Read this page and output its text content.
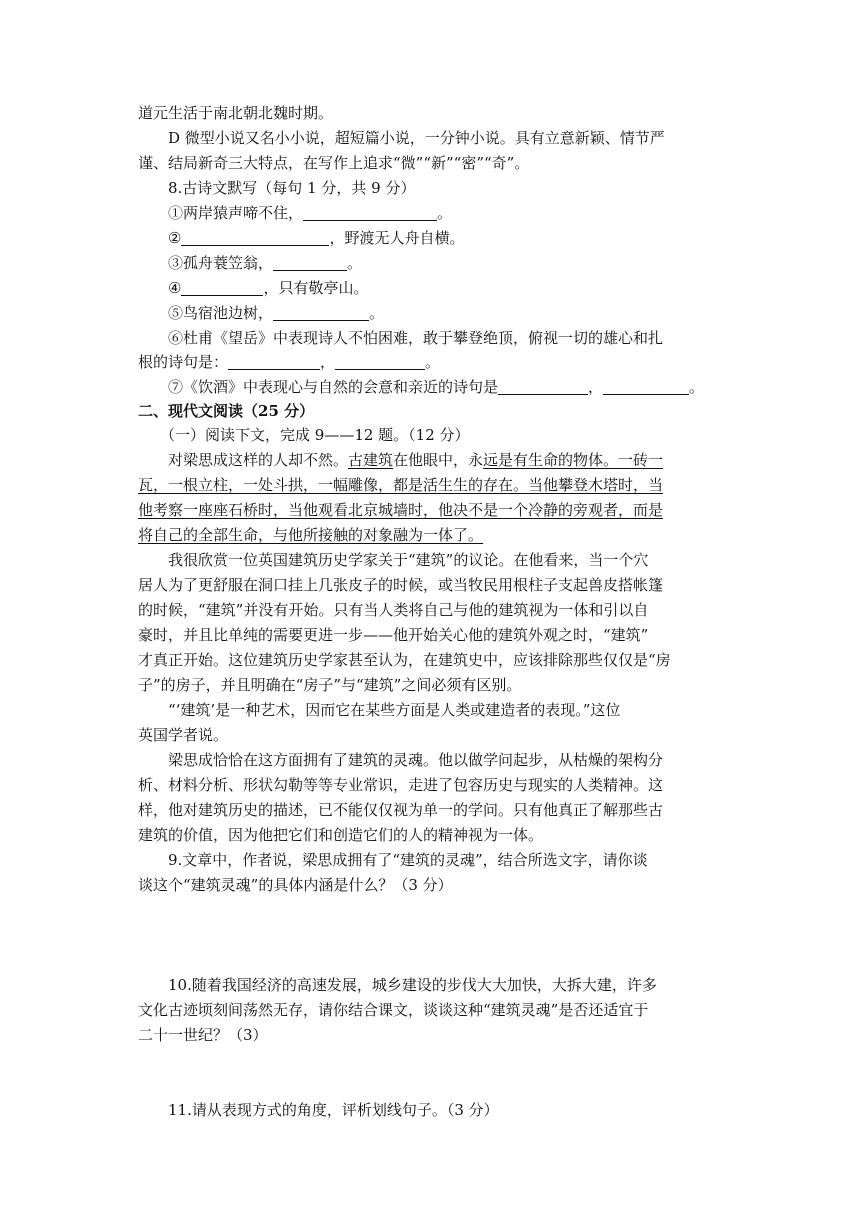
道元生活于南北朝北魏时期。
D 微型小说又名小小说，超短篇小说，一分钟小说。具有立意新颖、情节严
谨、结局新奇三大特点，在写作上追求“微”“新”“密”“奇”。
8.古诗文默写（每句 1 分，共 9 分）
①两岸猿声啼不住，	。
②	，野渡无人舟自横。
③孤舟蓑笠翁，	。
④	，只有敬亭山。
⑤鸟宿池边树，	。
⑥杜甫《望岳》中表现诗人不怕困难，敢于攀登绝顶，俯视一切的雄心和扎
根的诗句是：	，	。
⑦《饮酒》中表现心与自然的会意和亲近的诗句是	，	。
二、现代文阅读（25 分）
（一）阅读下文，完成 9——12 题。（12 分）
对梁思成这样的人却不然。古建筑在他眼中，永远是有生命的物体。一砖一
瓦，一根立柱，一处斗拱，一幅雕像，都是活生生的存在。当他攀登木塔时，当
他考察一座座石桥时，当他观看北京城墙时，他决不是一个冷静的旁观者，而是
将自己的全部生命，与他所接触的对象融为一体了。
我很欣赏一位英国建筑历史学家关于“建筑”的议论。在他看来，当一个穴
居人为了更舒服在洞口挂上几张皮子的时候，或当牧民用根柱子支起兽皮搭帐篷
的时候，“建筑”并没有开始。只有当人类将自己与他的建筑视为一体和引以自
豪时，并且比单纯的需要更进一步——他开始关心他的建筑外观之时，“建筑”
才真正开始。这位建筑历史学家甚至认为，在建筑史中，应该排除那些仅仅是“房
子”的房子，并且明确在“房子”与“建筑”之间必须有区别。
“‘建筑’是一种艺术，因而它在某些方面是人类或建造者的表现。”这位
英国学者说。
梁思成恰恰在这方面拥有了建筑的灵魂。他以做学问起步，从枯燥的架构分
析、材料分析、形状勾勒等等专业常识，走进了包容历史与现实的人类精神。这
样，他对建筑历史的描述，已不能仅仅视为单一的学问。只有他真正了解那些古
建筑的价值，因为他把它们和创造它们的人的精神视为一体。
9.文章中，作者说，梁思成拥有了“建筑的灵魂”，结合所选文字，请你谈
谈这个“建筑灵魂”的具体内涵是什么？（3 分）
10.随着我国经济的高速发展，城乡建设的步伐大大加快，大拆大建，许多
文化古迹顷刻间荡然无存，请你结合课文，谈谈这种“建筑灵魂”是否还适宜于
二十一世纪？（3）
11.请从表现方式的角度，评析划线句子。（3 分）
